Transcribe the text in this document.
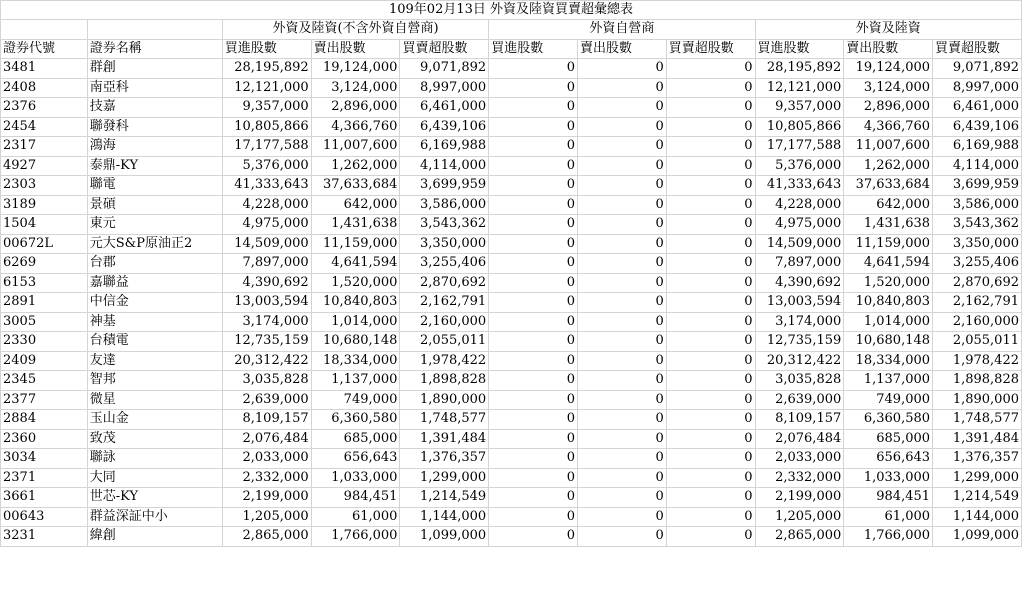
109年02月13日 外資及陸資買賣超彙總表										
		外資及陸資(不含外資自營商)			外資自營商			外資及陸資		
證券代號	證券名稱	買進股數	賣出股數	買賣超股數	買進股數	賣出股數	買賣超股數	買進股數	賣出股數	買賣超股數
3481	群創	28,195,892	19,124,000	9,071,892	0	0	0	28,195,892	19,124,000	9,071,892
2408	南亞科	12,121,000	3,124,000	8,997,000	0	0	0	12,121,000	3,124,000	8,997,000
2376	技嘉	9,357,000	2,896,000	6,461,000	0	0	0	9,357,000	2,896,000	6,461,000
2454	聯發科	10,805,866	4,366,760	6,439,106	0	0	0	10,805,866	4,366,760	6,439,106
2317	鴻海	17,177,588	11,007,600	6,169,988	0	0	0	17,177,588	11,007,600	6,169,988
4927	泰鼎-KY	5,376,000	1,262,000	4,114,000	0	0	0	5,376,000	1,262,000	4,114,000
2303	聯電	41,333,643	37,633,684	3,699,959	0	0	0	41,333,643	37,633,684	3,699,959
3189	景碩	4,228,000	642,000	3,586,000	0	0	0	4,228,000	642,000	3,586,000
1504	東元	4,975,000	1,431,638	3,543,362	0	0	0	4,975,000	1,431,638	3,543,362
00672L	元大S&P原油正2	14,509,000	11,159,000	3,350,000	0	0	0	14,509,000	11,159,000	3,350,000
6269	台郡	7,897,000	4,641,594	3,255,406	0	0	0	7,897,000	4,641,594	3,255,406
6153	嘉聯益	4,390,692	1,520,000	2,870,692	0	0	0	4,390,692	1,520,000	2,870,692
2891	中信金	13,003,594	10,840,803	2,162,791	0	0	0	13,003,594	10,840,803	2,162,791
3005	神基	3,174,000	1,014,000	2,160,000	0	0	0	3,174,000	1,014,000	2,160,000
2330	台積電	12,735,159	10,680,148	2,055,011	0	0	0	12,735,159	10,680,148	2,055,011
2409	友達	20,312,422	18,334,000	1,978,422	0	0	0	20,312,422	18,334,000	1,978,422
2345	智邦	3,035,828	1,137,000	1,898,828	0	0	0	3,035,828	1,137,000	1,898,828
2377	微星	2,639,000	749,000	1,890,000	0	0	0	2,639,000	749,000	1,890,000
2884	玉山金	8,109,157	6,360,580	1,748,577	0	0	0	8,109,157	6,360,580	1,748,577
2360	致茂	2,076,484	685,000	1,391,484	0	0	0	2,076,484	685,000	1,391,484
3034	聯詠	2,033,000	656,643	1,376,357	0	0	0	2,033,000	656,643	1,376,357
2371	大同	2,332,000	1,033,000	1,299,000	0	0	0	2,332,000	1,033,000	1,299,000
3661	世芯-KY	2,199,000	984,451	1,214,549	0	0	0	2,199,000	984,451	1,214,549
00643	群益深証中小	1,205,000	61,000	1,144,000	0	0	0	1,205,000	61,000	1,144,000
3231	緯創	2,865,000	1,766,000	1,099,000	0	0	0	2,865,000	1,766,000	1,099,000
